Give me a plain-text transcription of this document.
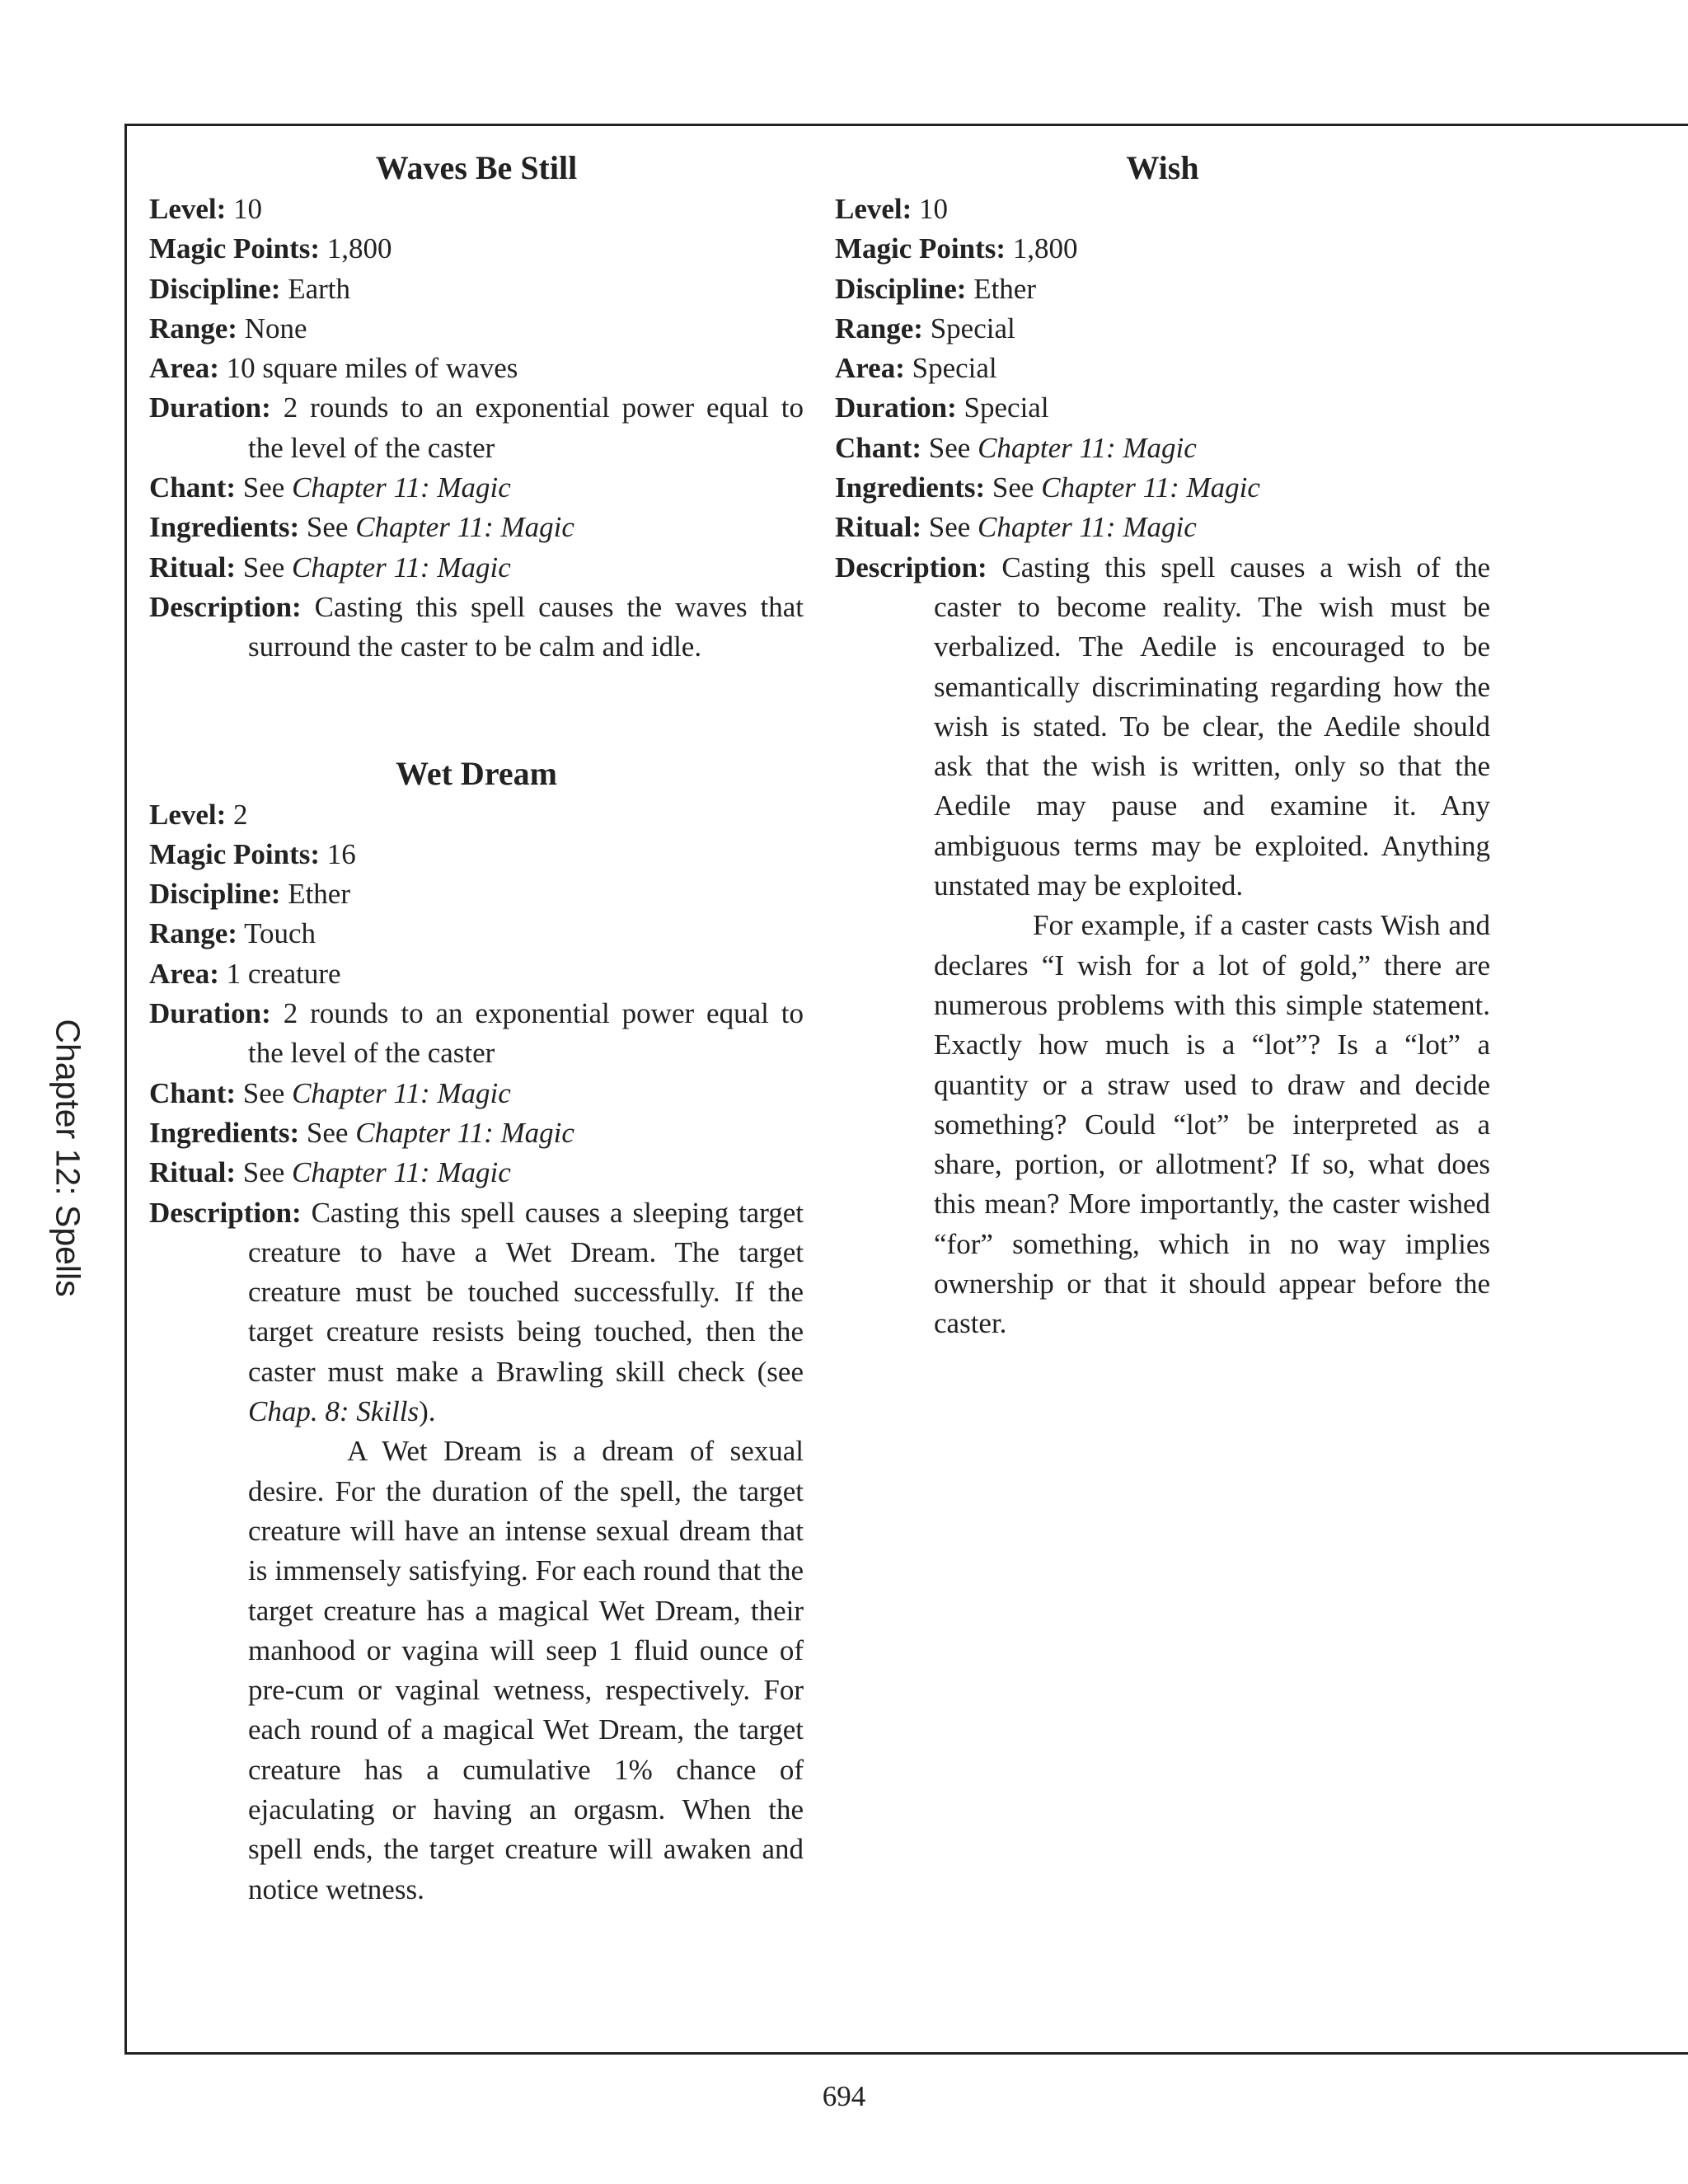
Chapter 12: Spells
Waves Be Still

Level: 10

Magic Points: 1,800

Discipline: Earth

Range: None

Area: 10 square miles of waves

Duration: 2 rounds to an exponential power equal to the level of the caster

Chant: See Chapter 11: Magic

Ingredients: See Chapter 11: Magic

Ritual: See Chapter 11: Magic

Description: Casting this spell causes the waves that surround the caster to be calm and idle.

Wet Dream

Level: 2

Magic Points: 16

Discipline: Ether

Range: Touch

Area: 1 creature

Duration: 2 rounds to an exponential power equal to the level of the caster

Chant: See Chapter 11: Magic

Ingredients: See Chapter 11: Magic

Ritual: See Chapter 11: Magic

Description: Casting this spell causes a sleeping target creature to have a Wet Dream. The target creature must be touched successfully. If the target creature resists being touched, then the caster must make a Brawling skill check (see Chap. 8: Skills).

A Wet Dream is a dream of sexual desire. For the duration of the spell, the target creature will have an intense sexual dream that is immensely satisfying. For each round that the target creature has a magical Wet Dream, their manhood or vagina will seep 1 fluid ounce of pre-cum or vaginal wetness, respectively. For each round of a magical Wet Dream, the target creature has a cumulative 1% chance of ejaculating or having an orgasm. When the spell ends, the target creature will awaken and notice wetness.

Wish

Level: 10

Magic Points: 1,800

Discipline: Ether

Range: Special

Area: Special

Duration: Special

Chant: See Chapter 11: Magic

Ingredients: See Chapter 11: Magic

Ritual: See Chapter 11: Magic

Description: Casting this spell causes a wish of the caster to become reality. The wish must be verbalized. The Aedile is encouraged to be semantically discriminating regarding how the wish is stated. To be clear, the Aedile should ask that the wish is written, only so that the Aedile may pause and examine it. Any ambiguous terms may be exploited. Anything unstated may be exploited.

For example, if a caster casts Wish and declares “I wish for a lot of gold,” there are numerous problems with this simple statement. Exactly how much is a “lot”? Is a “lot” a quantity or a straw used to draw and decide something? Could “lot” be interpreted as a share, portion, or allotment? If so, what does this mean? More importantly, the caster wished “for” something, which in no way implies ownership or that it should appear before the caster.

694
